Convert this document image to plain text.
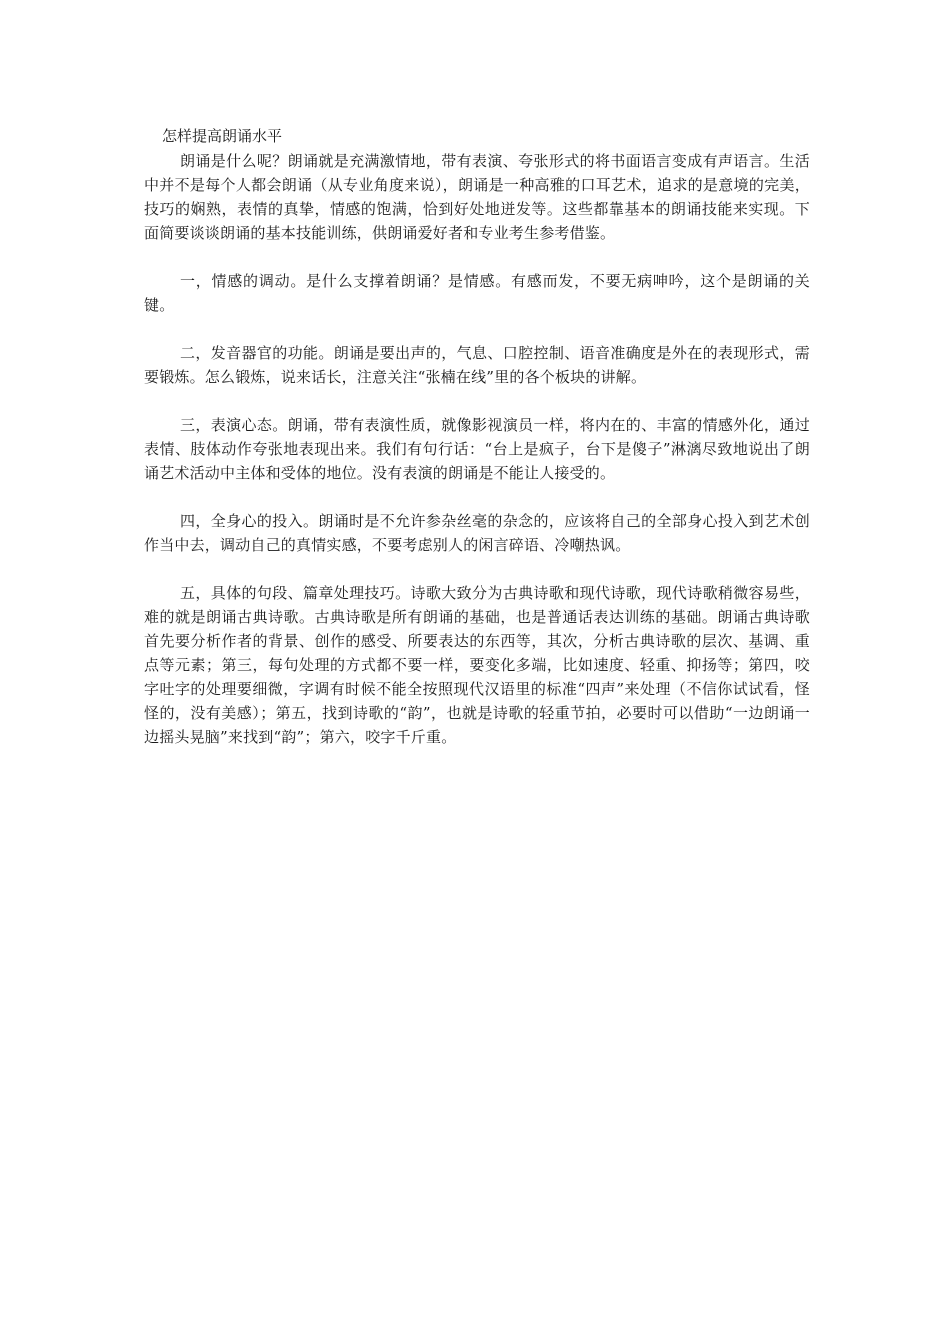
怎样提高朗诵水平

朗诵是什么呢？朗诵就是充满激情地，带有表演、夸张形式的将书面语言变成有声语言。生活中并不是每个人都会朗诵（从专业角度来说），朗诵是一种高雅的口耳艺术，追求的是意境的完美，技巧的娴熟，表情的真挚，情感的饱满，恰到好处地迸发等。这些都靠基本的朗诵技能来实现。下面简要谈谈朗诵的基本技能训练，供朗诵爱好者和专业考生参考借鉴。

一，情感的调动。是什么支撑着朗诵？是情感。有感而发，不要无病呻吟，这个是朗诵的关键。

二，发音器官的功能。朗诵是要出声的，气息、口腔控制、语音准确度是外在的表现形式，需要锻炼。怎么锻炼，说来话长，注意关注“张楠在线”里的各个板块的讲解。

三，表演心态。朗诵，带有表演性质，就像影视演员一样，将内在的、丰富的情感外化，通过表情、肢体动作夸张地表现出来。我们有句行话：“台上是疯子，台下是傻子”淋漓尽致地说出了朗诵艺术活动中主体和受体的地位。没有表演的朗诵是不能让人接受的。

四，全身心的投入。朗诵时是不允许参杂丝毫的杂念的，应该将自己的全部身心投入到艺术创作当中去，调动自己的真情实感，不要考虑别人的闲言碎语、冷嘲热讽。

五，具体的句段、篇章处理技巧。诗歌大致分为古典诗歌和现代诗歌，现代诗歌稍微容易些，难的就是朗诵古典诗歌。古典诗歌是所有朗诵的基础，也是普通话表达训练的基础。朗诵古典诗歌首先要分析作者的背景、创作的感受、所要表达的东西等，其次，分析古典诗歌的层次、基调、重点等元素；第三，每句处理的方式都不要一样，要变化多端，比如速度、轻重、抑扬等；第四，咬字吐字的处理要细微，字调有时候不能全按照现代汉语里的标准“四声”来处理（不信你试试看，怪怪的，没有美感）；第五，找到诗歌的“韵”，也就是诗歌的轻重节拍，必要时可以借助“一边朗诵一边摇头晃脑”来找到“韵”；第六，咬字千斤重。
